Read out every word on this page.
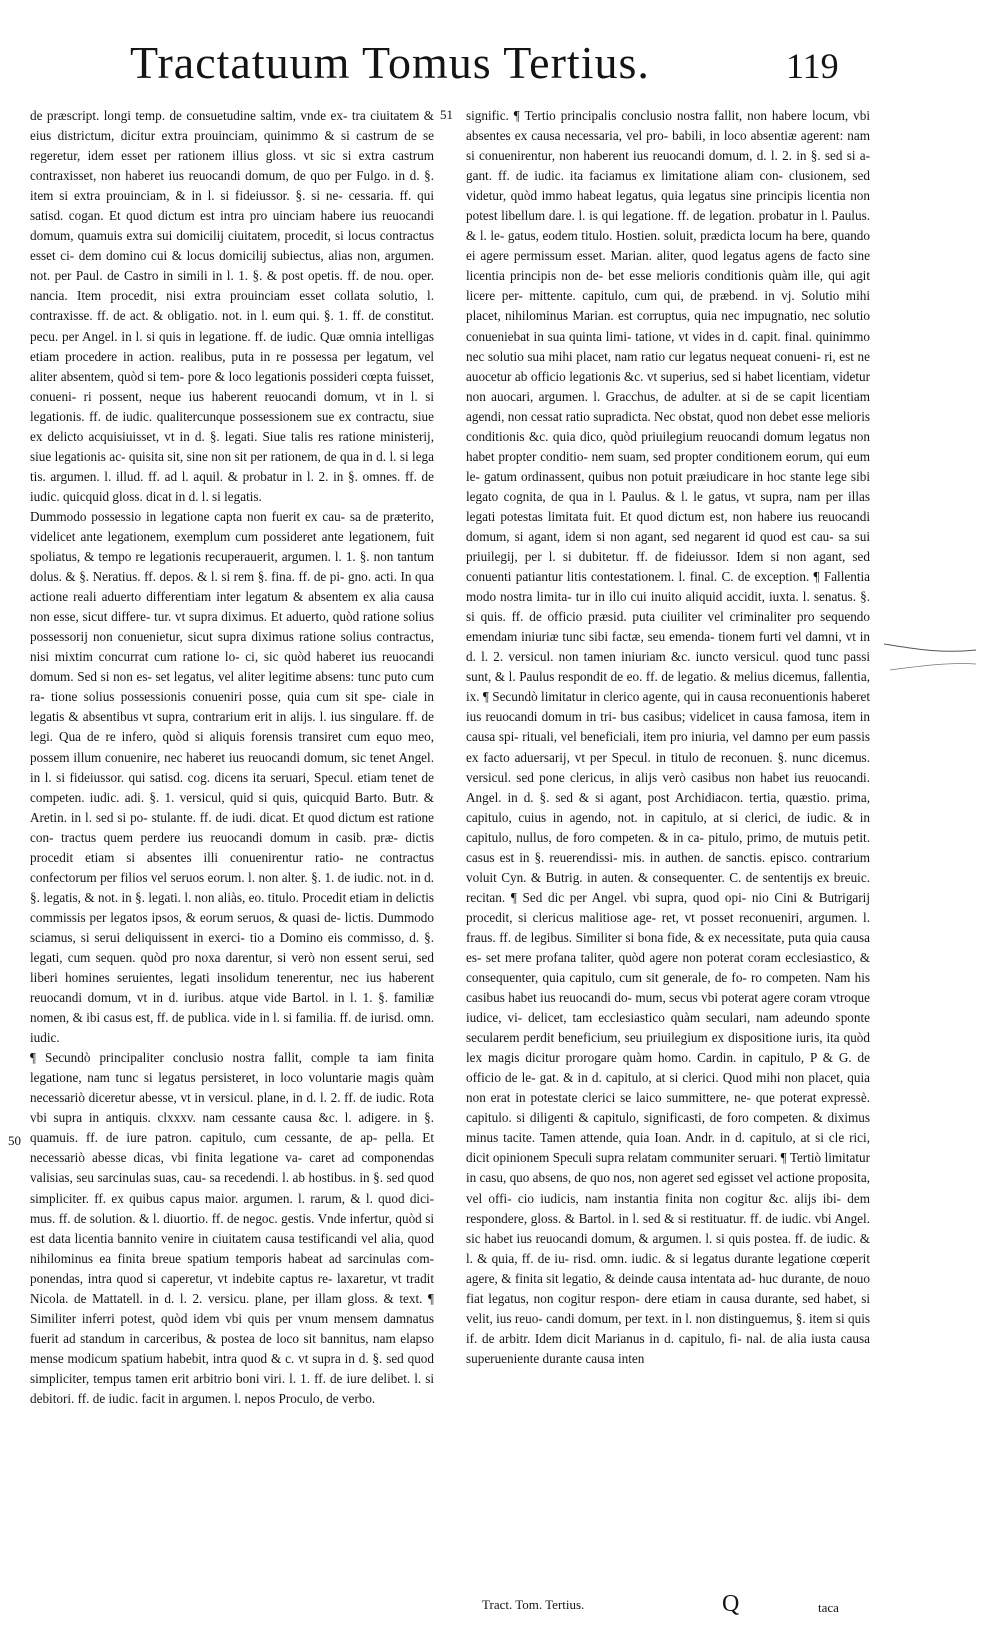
Tractatuum Tomus Tertius.	119
51
50

de præscript. longi temp. de consuetudine saltim, vnde ex- tra ciuitatem & eius districtum, dicitur extra prouinciam, quinimmo & si castrum de se regeretur, idem esset per rationem illius gloss. vt sic si extra castrum contraxisset, non haberet ius reuocandi domum, de quo per Fulgo. in d. §. item si extra prouinciam, & in l. si fideiussor. §. si ne- cessaria. ff. qui satisd. cogan. Et quod dictum est intra pro uinciam habere ius reuocandi domum, quamuis extra sui domicilij ciuitatem, procedit, si locus contractus esset ci- dem domino cui & locus domicilij subiectus, alias non, argumen. not. per Paul. de Castro in simili in l. 1. §. & post opetis. ff. de nou. oper. nancia. Item procedit, nisi extra prouinciam esset collata solutio, l. contraxisse. ff. de act. & obligatio. not. in l. eum qui. §. 1. ff. de constitut. pecu. per Angel. in l. si quis in legatione. ff. de iudic. Quæ omnia intelligas etiam procedere in action. realibus, puta in re possessa per legatum, vel aliter absentem, quòd si tem- pore & loco legationis possideri cœpta fuisset, conueni- ri possent, neque ius haberent reuocandi domum, vt in l. si legationis. ff. de iudic. qualitercunque possessionem sue ex contractu, siue ex delicto acquisiuisset, vt in d. §. legati. Siue talis res ratione ministerij, siue legationis ac- quisita sit, sine non sit per rationem, de qua in d. l. si lega tis. argumen. l. illud. ff. ad l. aquil. & probatur in l. 2. in §. omnes. ff. de iudic. quicquid gloss. dicat in d. l. si legatis.

Dummodo possessio in legatione capta non fuerit ex cau- sa de præterito, videlicet ante legationem, exemplum cum possideret ante legationem, fuit spoliatus, & tempo re legationis recuperauerit, argumen. l. 1. §. non tantum dolus. & §. Neratius. ff. depos. & l. si rem §. fina. ff. de pi- gno. acti. In qua actione reali aduerto differentiam inter legatum & absentem ex alia causa non esse, sicut differe- tur. vt supra diximus. Et aduerto, quòd ratione solius possessorij non conuenietur, sicut supra diximus ratione solius contractus, nisi mixtim concurrat cum ratione lo- ci, sic quòd haberet ius reuocandi domum. Sed si non es- set legatus, vel aliter legitime absens: tunc puto cum ra- tione solius possessionis conueniri posse, quia cum sit spe- ciale in legatis & absentibus vt supra, contrarium erit in alijs. l. ius singulare. ff. de legi. Qua de re infero, quòd si aliquis forensis transiret cum equo meo, possem illum conuenire, nec haberet ius reuocandi domum, sic tenet Angel. in l. si fideiussor. qui satisd. cog. dicens ita seruari, Specul. etiam tenet de competen. iudic. adi. §. 1. versicul, quid si quis, quicquid Barto. Butr. & Aretin. in l. sed si po- stulante. ff. de iudi. dicat. Et quod dictum est ratione con- tractus quem perdere ius reuocandi domum in casib. præ- dictis procedit etiam si absentes illi conuenirentur ratio- ne contractus confectorum per filios vel seruos eorum. l. non alter. §. 1. de iudic. not. in d. §. legatis, & not. in §. legati. l. non aliàs, eo. titulo. Procedit etiam in delictis commissis per legatos ipsos, & eorum seruos, & quasi de- lictis. Dummodo sciamus, si serui deliquissent in exerci- tio a Domino eis commisso, d. §. legati, cum sequen. quòd pro noxa darentur, si verò non essent serui, sed liberi homines seruientes, legati insolidum tenerentur, nec ius haberent reuocandi domum, vt in d. iuribus. atque vide Bartol. in l. 1. §. familiæ nomen, & ibi casus est, ff. de publica. vide in l. si familia. ff. de iurisd. omn. iudic.

¶ Secundò principaliter conclusio nostra fallit, comple ta iam finita legatione, nam tunc si legatus persisteret, in loco voluntarie magis quàm necessariò diceretur abesse, vt in versicul. plane, in d. l. 2. ff. de iudic. Rota vbi supra in antiquis. clxxxv. nam cessante causa &c. l. adigere. in §. quamuis. ff. de iure patron. capitulo, cum cessante, de ap- pella. Et necessariò abesse dicas, vbi finita legatione va- caret ad componendas valisias, seu sarcinulas suas, cau- sa recedendi. l. ab hostibus. in §. sed quod simpliciter. ff. ex quibus capus maior. argumen. l. rarum, & l. quod dici- mus. ff. de solution. & l. diuortio. ff. de negoc. gestis. Vnde infertur, quòd si est data licentia bannito venire in ciuitatem causa testificandi vel alia, quod nihilominus ea finita breue spatium temporis habeat ad sarcinulas com- ponendas, intra quod si caperetur, vt indebite captus re- laxaretur, vt tradit Nicola. de Mattatell. in d. l. 2. versicu. plane, per illam gloss. & text. ¶ Similiter inferri potest, quòd idem vbi quis per vnum mensem damnatus fuerit ad standum in carceribus, & postea de loco sit bannitus, nam elapso mense modicum spatium habebit, intra quod & c. vt supra in d. §. sed quod simpliciter, tempus tamen erit arbitrio boni viri. l. 1. ff. de iure delibet. l. si debitori. ff. de iudic. facit in argumen. l. nepos Proculo, de verbo.

signific. ¶ Tertio principalis conclusio nostra fallit, non habere locum, vbi absentes ex causa necessaria, vel pro- babili, in loco absentiæ agerent: nam si conuenirentur, non haberent ius reuocandi domum, d. l. 2. in §. sed si a- gant. ff. de iudic. ita faciamus ex limitatione aliam con- clusionem, sed videtur, quòd immo habeat legatus, quia legatus sine principis licentia non potest libellum dare. l. is qui legatione. ff. de legation. probatur in l. Paulus. & l. le- gatus, eodem titulo. Hostien. soluit, prædicta locum ha bere, quando ei agere permissum esset. Marian. aliter, quod legatus agens de facto sine licentia principis non de- bet esse melioris conditionis quàm ille, qui agit licere per- mittente. capitulo, cum qui, de præbend. in vj. Solutio mihi placet, nihilominus Marian. est corruptus, quia nec impugnatio, nec solutio conueniebat in sua quinta limi- tatione, vt vides in d. capit. final. quinimmo nec solutio sua mihi placet, nam ratio cur legatus nequeat conueni- ri, est ne auocetur ab officio legationis &c. vt superius, sed si habet licentiam, videtur non auocari, argumen. l. Gracchus, de adulter. at si de se capit licentiam agendi, non cessat ratio supradicta. Nec obstat, quod non debet esse melioris conditionis &c. quia dico, quòd priuilegium reuocandi domum legatus non habet propter conditio- nem suam, sed propter conditionem eorum, qui eum le- gatum ordinassent, quibus non potuit præiudicare in hoc stante lege sibi legato cognita, de qua in l. Paulus. & l. le gatus, vt supra, nam per illas legati potestas limitata fuit. Et quod dictum est, non habere ius reuocandi domum, si agant, idem si non agant, sed negarent id quod est cau- sa sui priuilegij, per l. si dubitetur. ff. de fideiussor. Idem si non agant, sed conuenti patiantur litis contestationem. l. final. C. de exception. ¶ Fallentia modo nostra limita- tur in illo cui inuito aliquid accidit, iuxta. l. senatus. §. si quis. ff. de officio præsid. puta ciuiliter vel criminaliter pro sequendo emendam iniuriæ tunc sibi factæ, seu emenda- tionem furti vel damni, vt in d. l. 2. versicul. non tamen iniuriam &c. iuncto versicul. quod tunc passi sunt, & l. Paulus respondit de eo. ff. de legatio. & melius dicemus, fallentia, ix. ¶ Secundò limitatur in clerico agente, qui in causa reconuentionis haberet ius reuocandi domum in tri- bus casibus; videlicet in causa famosa, item in causa spi- rituali, vel beneficiali, item pro iniuria, vel damno per eum passis ex facto aduersarij, vt per Specul. in titulo de reconuen. §. nunc dicemus. versicul. sed pone clericus, in alijs verò casibus non habet ius reuocandi. Angel. in d. §. sed & si agant, post Archidiacon. tertia, quæstio. prima, capitulo, cuius in agendo, not. in capitulo, at si clerici, de iudic. & in capitulo, nullus, de foro competen. & in ca- pitulo, primo, de mutuis petit. casus est in §. reuerendissi- mis. in authen. de sanctis. episco. contrarium voluit Cyn. & Butrig. in auten. & consequenter. C. de sententijs ex breuic. recitan. ¶ Sed dic per Angel. vbi supra, quod opi- nio Cini & Butrigarij procedit, si clericus malitiose age- ret, vt posset reconueniri, argumen. l. fraus. ff. de legibus. Similiter si bona fide, & ex necessitate, puta quia causa es- set mere profana taliter, quòd agere non poterat coram ecclesiastico, & consequenter, quia capitulo, cum sit generale, de fo- ro competen. Nam his casibus habet ius reuocandi do- mum, secus vbi poterat agere coram vtroque iudice, vi- delicet, tam ecclesiastico quàm seculari, nam adeundo sponte secularem perdit beneficium, seu priuilegium ex dispositione iuris, ita quòd lex magis dicitur prorogare quàm homo. Cardin. in capitulo, P & G. de officio de le- gat. & in d. capitulo, at si clerici. Quod mihi non placet, quia non erat in potestate clerici se laico summittere, ne- que poterat expressè. capitulo. si diligenti & capitulo, significasti, de foro competen. & diximus minus tacite. Tamen attende, quia Ioan. Andr. in d. capitulo, at si cle rici, dicit opinionem Speculi supra relatam communiter seruari. ¶ Tertiò limitatur in casu, quo absens, de quo nos, non ageret sed egisset vel actione proposita, vel offi- cio iudicis, nam instantia finita non cogitur &c. alijs ibi- dem respondere, gloss. & Bartol. in l. sed & si restituatur. ff. de iudic. vbi Angel. sic habet ius reuocandi domum, & argumen. l. si quis postea. ff. de iudic. & l. & quia, ff. de iu- risd. omn. iudic. & si legatus durante legatione cœperit agere, & finita sit legatio, & deinde causa intentata ad- huc durante, de nouo fiat legatus, non cogitur respon- dere etiam in causa durante, sed habet, si velit, ius reuo- candi domum, per text. in l. non distinguemus, §. item si quis if. de arbitr. Idem dicit Marianus in d. capitulo, fi- nal. de alia iusta causa superueniente durante causa inten

Tract. Tom. Tertius.	Q	taca
